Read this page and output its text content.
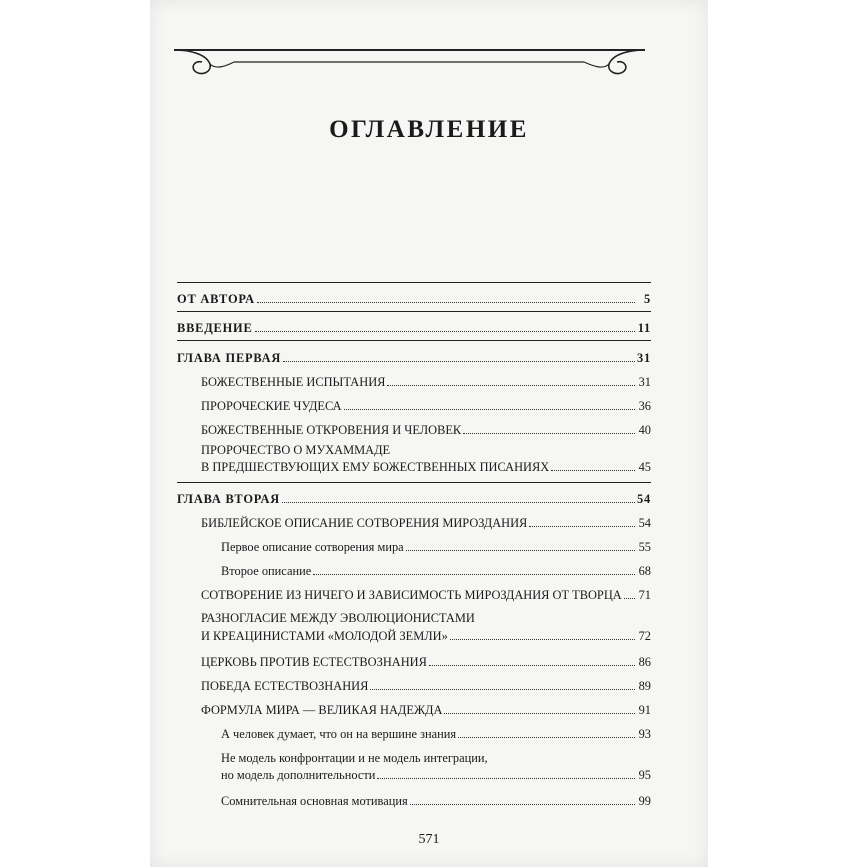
ОГЛАВЛЕНИЕ
ОТ АВТОРА	5
ВВЕДЕНИЕ	11
ГЛАВА ПЕРВАЯ	31
БОЖЕСТВЕННЫЕ ИСПЫТАНИЯ	31
ПРОРОЧЕСКИЕ ЧУДЕСА	36
БОЖЕСТВЕННЫЕ ОТКРОВЕНИЯ И ЧЕЛОВЕК	40
ПРОРОЧЕСТВО О МУХАММАДЕ
В ПРЕДШЕСТВУЮЩИХ ЕМУ БОЖЕСТВЕННЫХ ПИСАНИЯХ	45
ГЛАВА ВТОРАЯ	54
БИБЛЕЙСКОЕ ОПИСАНИЕ СОТВОРЕНИЯ МИРОЗДАНИЯ	54
Первое описание сотворения мира	55
Второе описание	68
СОТВОРЕНИЕ ИЗ НИЧЕГО И ЗАВИСИМОСТЬ МИРОЗДАНИЯ ОТ ТВОРЦА 71
РАЗНОГЛАСИЕ МЕЖДУ ЭВОЛЮЦИОНИСТАМИ
И КРЕАЦИНИСТАМИ «МОЛОДОЙ ЗЕМЛИ»	72
ЦЕРКОВЬ ПРОТИВ ЕСТЕСТВОЗНАНИЯ	86
ПОБЕДА ЕСТЕСТВОЗНАНИЯ	89
ФОРМУЛА МИРА — ВЕЛИКАЯ НАДЕЖДА	91
А человек думает, что он на вершине знания	93
Не модель конфронтации и не модель интеграции,
но модель дополнительности	95
Сомнительная основная мотивация	99
571
